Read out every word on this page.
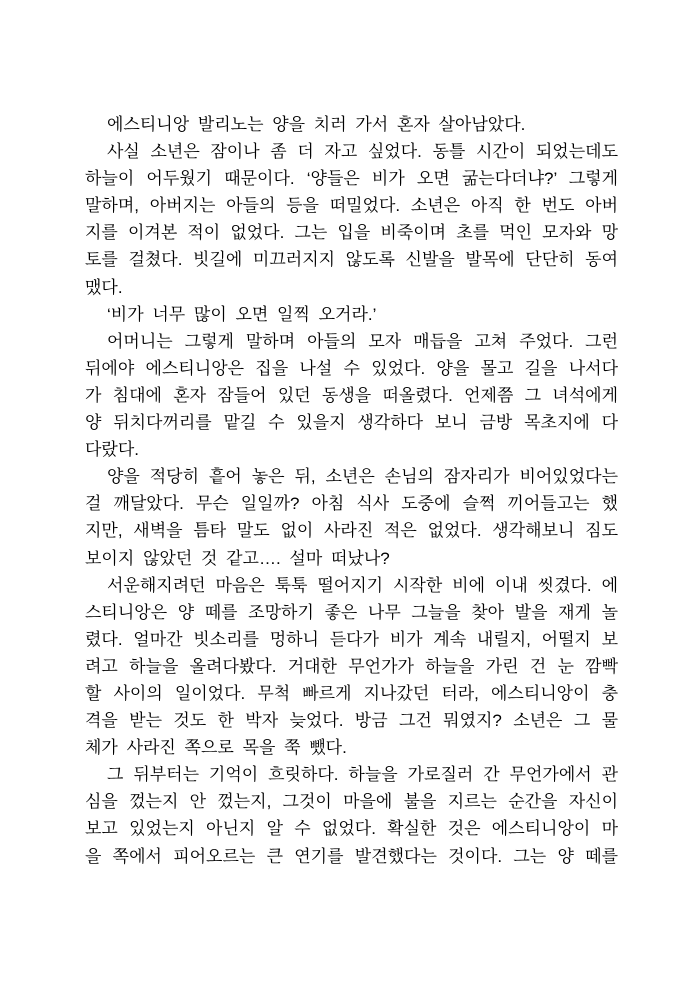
에스티니앙 발리노는 양을 치러 가서 혼자 살아남았다.
사실 소년은 잠이나 좀 더 자고 싶었다. 동틀 시간이 되었는데도
하늘이 어두웠기 때문이다. ‘양들은 비가 오면 굶는다더냐?’ 그렇게
말하며, 아버지는 아들의 등을 떠밀었다. 소년은 아직 한 번도 아버
지를 이겨본 적이 없었다. 그는 입을 비죽이며 초를 먹인 모자와 망
토를 걸쳤다. 빗길에 미끄러지지 않도록 신발을 발목에 단단히 동여
맸다.
‘비가 너무 많이 오면 일찍 오거라.’
어머니는 그렇게 말하며 아들의 모자 매듭을 고쳐 주었다. 그런
뒤에야 에스티니앙은 집을 나설 수 있었다. 양을 몰고 길을 나서다
가 침대에 혼자 잠들어 있던 동생을 떠올렸다. 언제쯤 그 녀석에게
양 뒤치다꺼리를 맡길 수 있을지 생각하다 보니 금방 목초지에 다
다랐다.
양을 적당히 흩어 놓은 뒤, 소년은 손님의 잠자리가 비어있었다는
걸 깨달았다. 무슨 일일까? 아침 식사 도중에 슬쩍 끼어들고는 했
지만, 새벽을 틈타 말도 없이 사라진 적은 없었다. 생각해보니 짐도
보이지 않았던 것 같고…. 설마 떠났나?
서운해지려던 마음은 툭툭 떨어지기 시작한 비에 이내 씻겼다. 에
스티니앙은 양 떼를 조망하기 좋은 나무 그늘을 찾아 발을 재게 놀
렸다. 얼마간 빗소리를 멍하니 듣다가 비가 계속 내릴지, 어떨지 보
려고 하늘을 올려다봤다. 거대한 무언가가 하늘을 가린 건 눈 깜빡
할 사이의 일이었다. 무척 빠르게 지나갔던 터라, 에스티니앙이 충
격을 받는 것도 한 박자 늦었다. 방금 그건 뭐였지? 소년은 그 물
체가 사라진 쪽으로 목을 쭉 뺐다.
그 뒤부터는 기억이 흐릿하다. 하늘을 가로질러 간 무언가에서 관
심을 껐는지 안 껐는지, 그것이 마을에 불을 지르는 순간을 자신이
보고 있었는지 아닌지 알 수 없었다. 확실한 것은 에스티니앙이 마
을 쪽에서 피어오르는 큰 연기를 발견했다는 것이다. 그는 양 떼를
